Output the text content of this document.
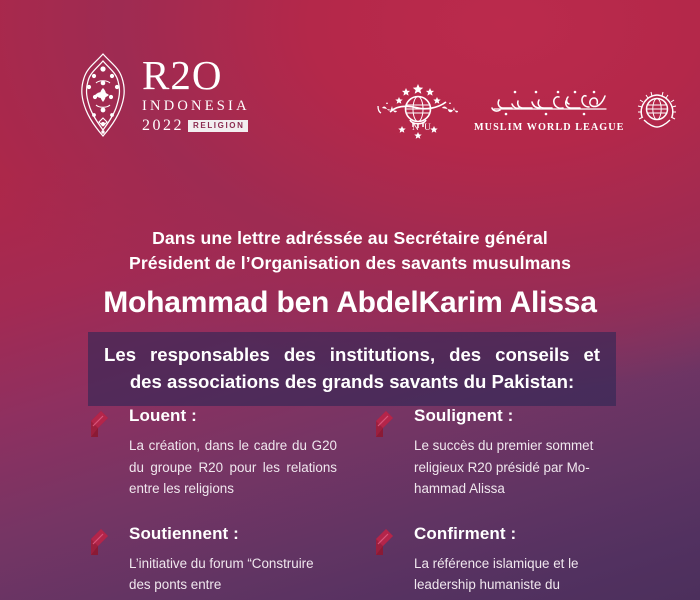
R2O
INDONESIA
2022	RELIGION	N U	MUSLIM WORLD LEAGUE
Dans une lettre adréssée au Secrétaire général
Président de l’Organisation des savants musulmans
Mohammad ben AbdelKarim Alissa
Les responsables des institutions, des conseils et
des associations des grands savants du Pakistan:
Louent :
La création, dans le cadre du G20 du groupe R20 pour les relations entre les religions
Soulignent :
Le succès du premier sommet religieux R20 présidé par Mo-hammad Alissa
Soutiennent :
L’initiative du forum “Construire des ponts entre
Confirment :
La référence islamique et le leadership humaniste du
